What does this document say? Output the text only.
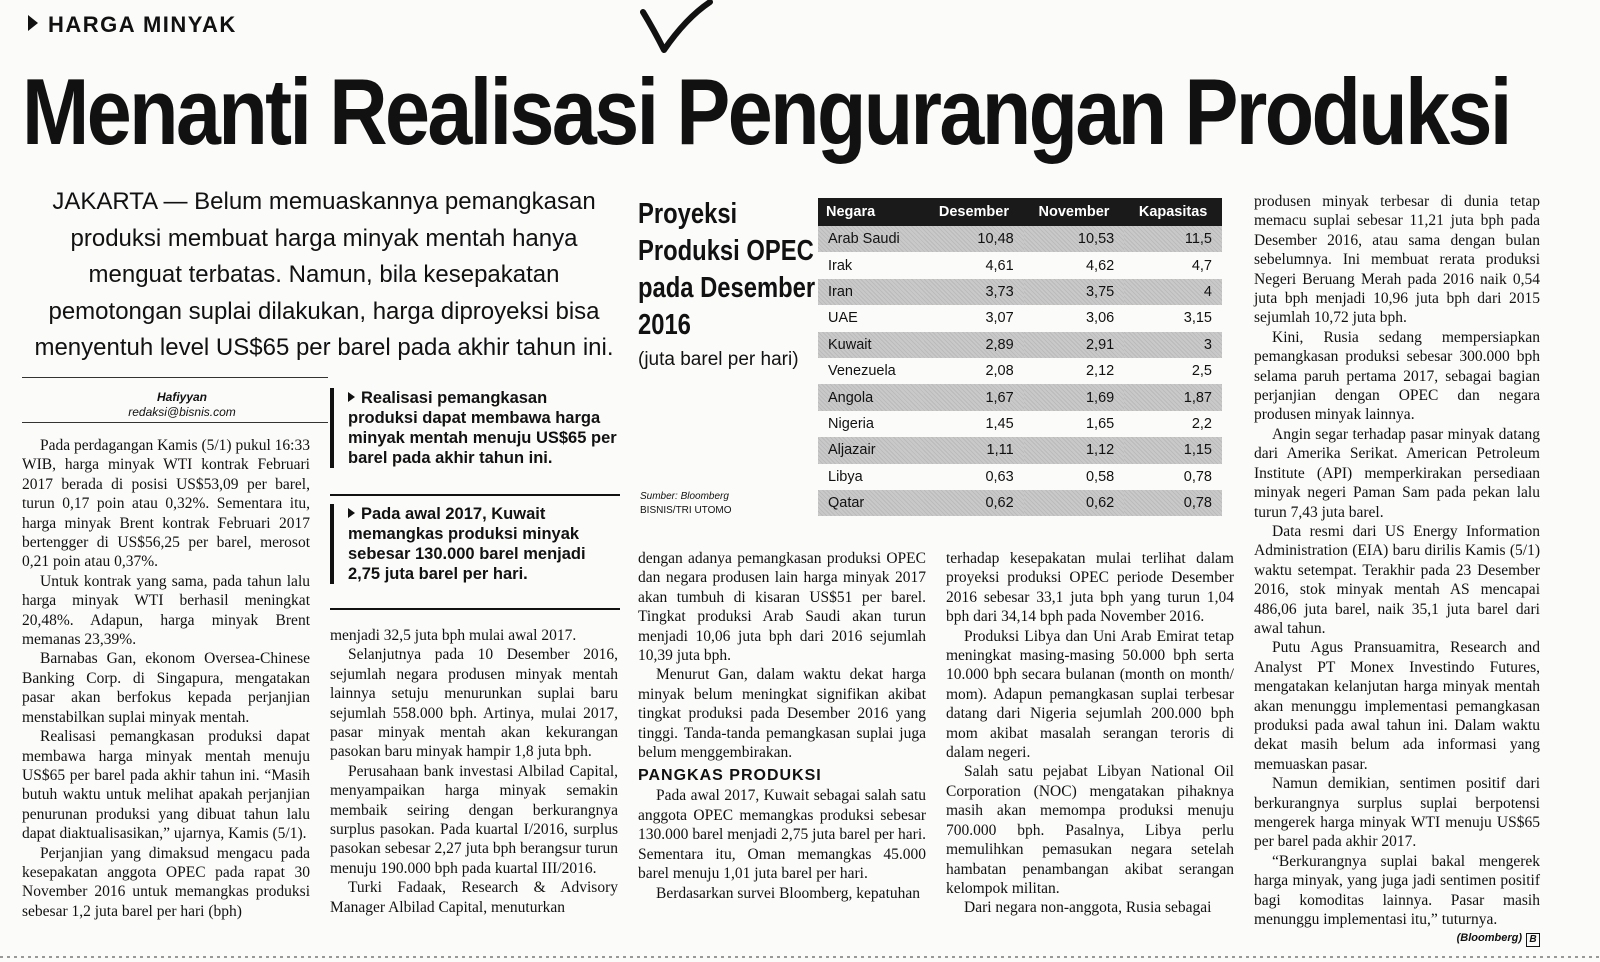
HARGA MINYAK
Menanti Realisasi Pengurangan Produksi
JAKARTA — Belum memuaskannya pemangkasan produksi membuat harga minyak mentah hanya menguat terbatas. Namun, bila kesepakatan pemotongan suplai dilakukan, harga diproyeksi bisa menyentuh level US$65 per barel pada akhir tahun ini.
Hafiyyan
redaksi@bisnis.com
Realisasi pemangkasan produksi dapat membawa harga minyak mentah menuju US$65 per barel pada akhir tahun ini.
Pada awal 2017, Kuwait memangkas produksi minyak sebesar 130.000 barel menjadi 2,75 juta barel per hari.
Proyeksi Produksi OPEC pada Desember 2016
(juta barel per hari)
Sumber: Bloomberg
BISNIS/TRI UTOMO
Negara	Desember	November	Kapasitas
Arab Saudi	10,48	10,53	11,5
Irak	4,61	4,62	4,7
Iran	3,73	3,75	4
UAE	3,07	3,06	3,15
Kuwait	2,89	2,91	3
Venezuela	2,08	2,12	2,5
Angola	1,67	1,69	1,87
Nigeria	1,45	1,65	2,2
Aljazair	1,11	1,12	1,15
Libya	0,63	0,58	0,78
Qatar	0,62	0,62	0,78

Pada perdagangan Kamis (5/1) pukul 16:33 WIB, harga minyak WTI kontrak Februari 2017 berada di posisi US$53,09 per barel, turun 0,17 poin atau 0,32%. Sementara itu, harga minyak Brent kontrak Februari 2017 bertengger di US$56,25 per barel, merosot 0,21 poin atau 0,37%.

Untuk kontrak yang sama, pada tahun lalu harga minyak WTI berhasil meningkat 20,48%. Adapun, harga minyak Brent memanas 23,39%.

Barnabas Gan, ekonom Oversea-Chinese Banking Corp. di Singapura, mengatakan pasar akan berfokus kepada perjanjian menstabilkan suplai minyak mentah.

Realisasi pemangkasan produksi dapat membawa harga minyak mentah menuju US$65 per barel pada akhir tahun ini. “Masih butuh waktu untuk melihat apakah perjanjian penurunan produksi yang dibuat tahun lalu dapat diaktualisasikan,” ujarnya, Kamis (5/1).

Perjanjian yang dimaksud mengacu pada kesepakatan anggota OPEC pada rapat 30 November 2016 untuk memangkas produksi sebesar 1,2 juta barel per hari (bph)

menjadi 32,5 juta bph mulai awal 2017.

Selanjutnya pada 10 Desember 2016, sejumlah negara produsen minyak mentah lainnya setuju menurunkan suplai baru sejumlah 558.000 bph. Artinya, mulai 2017, pasar minyak mentah akan kekurangan pasokan baru minyak hampir 1,8 juta bph.

Perusahaan bank investasi Albilad Capital, menyampaikan harga minyak semakin membaik seiring dengan berkurangnya surplus pasokan. Pada kuartal I/2016, surplus pasokan sebesar 2,27 juta bph berangsur turun menuju 190.000 bph pada kuartal III/2016.

Turki Fadaak, Research & Advisory Manager Albilad Capital, menuturkan

dengan adanya pemangkasan produksi OPEC dan negara produsen lain harga minyak 2017 akan tumbuh di kisaran US$51 per barel. Tingkat produksi Arab Saudi akan turun menjadi 10,06 juta bph dari 2016 sejumlah 10,39 juta bph.

Menurut Gan, dalam waktu dekat harga minyak belum meningkat signifikan akibat tingkat produksi pada Desember 2016 yang tinggi. Tanda-tanda pemangkasan suplai juga belum menggembirakan.

PANGKAS PRODUKSI

Pada awal 2017, Kuwait sebagai salah satu anggota OPEC memangkas produksi sebesar 130.000 barel menjadi 2,75 juta barel per hari. Sementara itu, Oman memangkas 45.000 barel menuju 1,01 juta barel per hari.

Berdasarkan survei Bloomberg, kepatuhan

terhadap kesepakatan mulai terlihat dalam proyeksi produksi OPEC periode Desember 2016 sebesar 33,1 juta bph yang turun 1,04 bph dari 34,14 bph pada November 2016.

Produksi Libya dan Uni Arab Emirat tetap meningkat masing-masing 50.000 bph serta 10.000 bph secara bulanan (month on month/ mom). Adapun pemangkasan suplai terbesar datang dari Nigeria sejumlah 200.000 bph mom akibat masalah serangan teroris di dalam negeri.

Salah satu pejabat Libyan National Oil Corporation (NOC) mengatakan pihaknya masih akan memompa produksi menuju 700.000 bph. Pasalnya, Libya perlu memulihkan pemasukan negara setelah hambatan penambangan akibat serangan kelompok militan.

Dari negara non-anggota, Rusia sebagai

produsen minyak terbesar di dunia tetap memacu suplai sebesar 11,21 juta bph pada Desember 2016, atau sama dengan bulan sebelumnya. Ini membuat rerata produksi Negeri Beruang Merah pada 2016 naik 0,54 juta bph menjadi 10,96 juta bph dari 2015 sejumlah 10,72 juta bph.

Kini, Rusia sedang mempersiapkan pemangkasan produksi sebesar 300.000 bph selama paruh pertama 2017, sebagai bagian perjanjian dengan OPEC dan negara produsen minyak lainnya.

Angin segar terhadap pasar minyak datang dari Amerika Serikat. American Petroleum Institute (API) memperkirakan persediaan minyak negeri Paman Sam pada pekan lalu turun 7,43 juta barel.

Data resmi dari US Energy Information Administration (EIA) baru dirilis Kamis (5/1) waktu setempat. Terakhir pada 23 Desember 2016, stok minyak mentah AS mencapai 486,06 juta barel, naik 35,1 juta barel dari awal tahun.

Putu Agus Pransuamitra, Research and Analyst PT Monex Investindo Futures, mengatakan kelanjutan harga minyak mentah akan menunggu implementasi pemangkasan produksi pada awal tahun ini. Dalam waktu dekat masih belum ada informasi yang memuaskan pasar.

Namun demikian, sentimen positif dari berkurangnya surplus suplai berpotensi mengerek harga minyak WTI menuju US$65 per barel pada akhir 2017.

“Berkurangnya suplai bakal mengerek harga minyak, yang juga jadi sentimen positif bagi komoditas lainnya. Pasar masih menunggu implementasi itu,” tuturnya.

(Bloomberg) B
